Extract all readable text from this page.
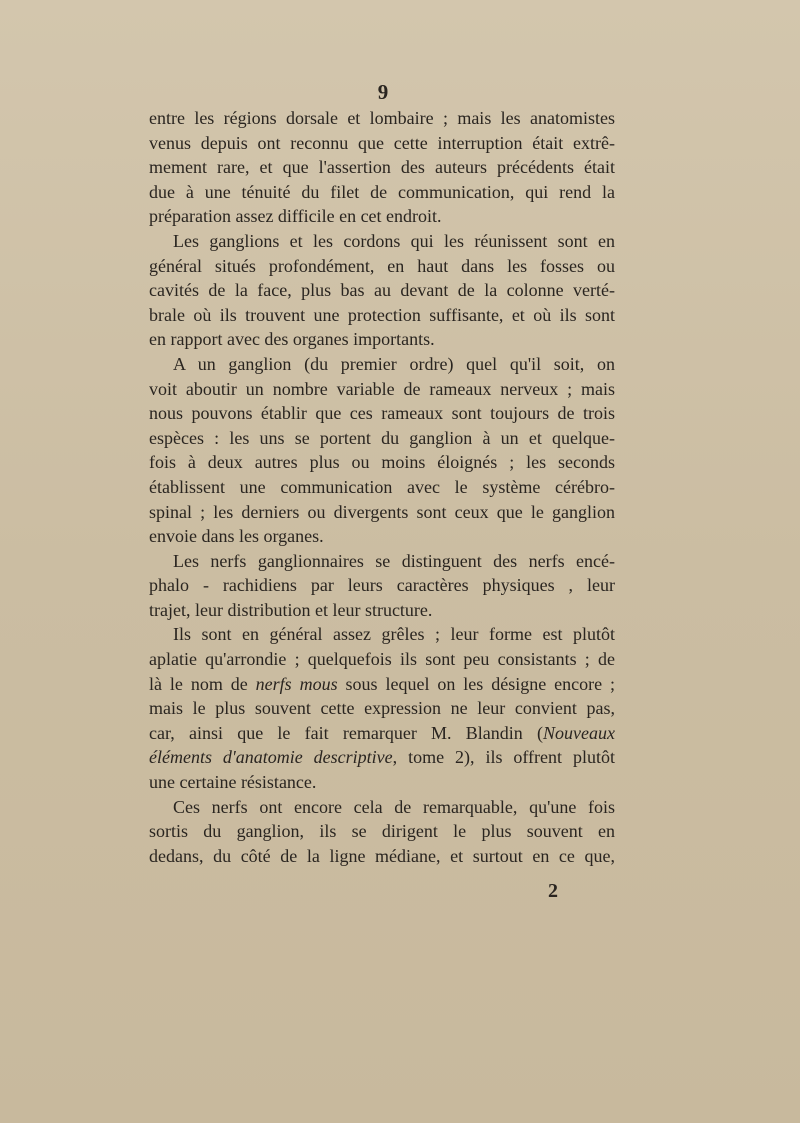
9
entre les régions dorsale et lombaire ; mais les anatomistes
venus depuis ont reconnu que cette interruption était extrê-
mement rare, et que l'assertion des auteurs précédents était
due à une ténuité du filet de communication, qui rend la
préparation assez difficile en cet endroit.
Les ganglions et les cordons qui les réunissent sont en
général situés profondément, en haut dans les fosses ou
cavités de la face, plus bas au devant de la colonne verté-
brale où ils trouvent une protection suffisante, et où ils sont
en rapport avec des organes importants.
A un ganglion (du premier ordre) quel qu'il soit, on
voit aboutir un nombre variable de rameaux nerveux ; mais
nous pouvons établir que ces rameaux sont toujours de trois
espèces : les uns se portent du ganglion à un et quelque-
fois à deux autres plus ou moins éloignés ; les seconds
établissent une communication avec le système cérébro-
spinal ; les derniers ou divergents sont ceux que le ganglion
envoie dans les organes.
Les nerfs ganglionnaires se distinguent des nerfs encé-
phalo - rachidiens par leurs caractères physiques , leur
trajet, leur distribution et leur structure.
Ils sont en général assez grêles ; leur forme est plutôt
aplatie qu'arrondie ; quelquefois ils sont peu consistants ; de
là le nom de nerfs mous sous lequel on les désigne encore ;
mais le plus souvent cette expression ne leur convient pas,
car, ainsi que le fait remarquer M. Blandin (Nouveaux
éléments d'anatomie descriptive, tome 2), ils offrent plutôt
une certaine résistance.
Ces nerfs ont encore cela de remarquable, qu'une fois
sortis du ganglion, ils se dirigent le plus souvent en
dedans, du côté de la ligne médiane, et surtout en ce que,
2
